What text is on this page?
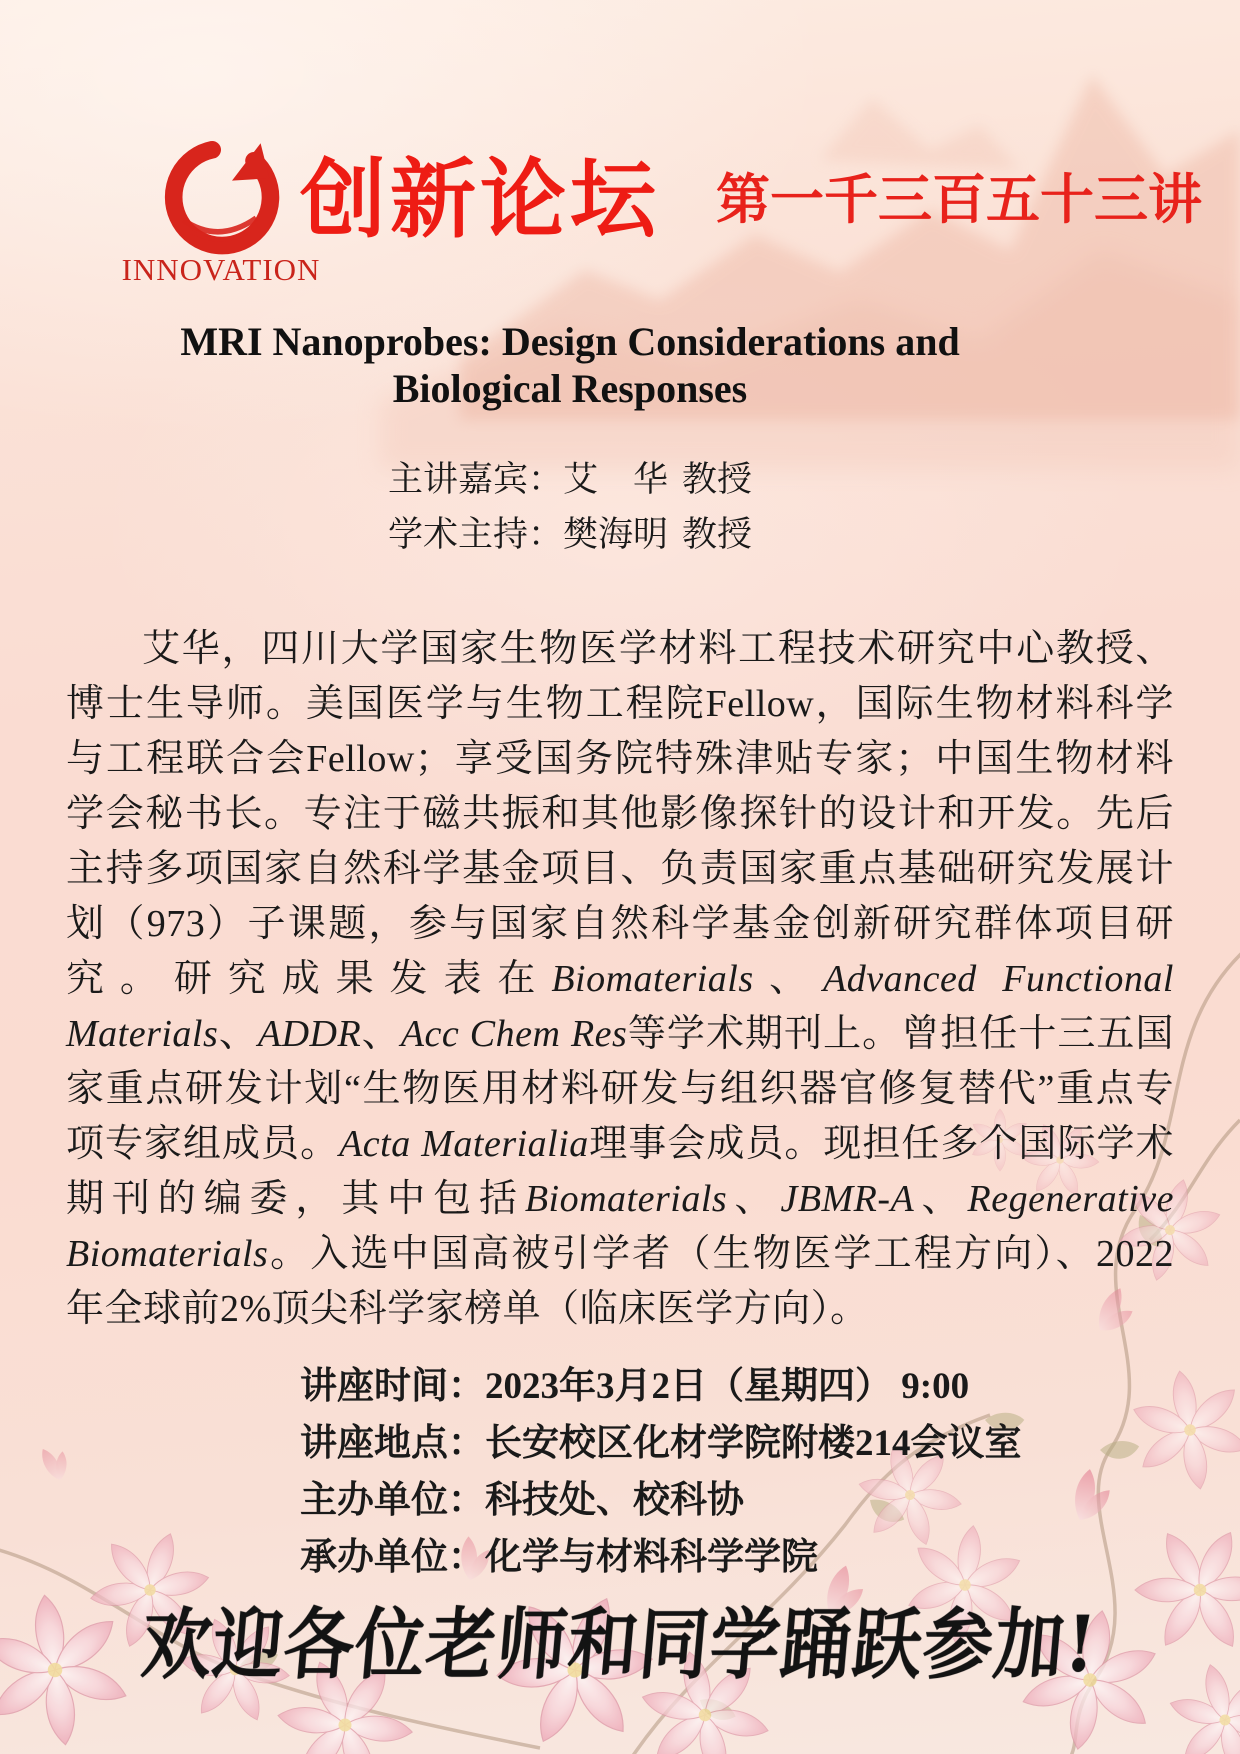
INNOVATION
创新论坛 第一千三百五十三讲
MRI Nanoprobes: Design Considerations and
Biological Responses
主讲嘉宾：艾　华 教授
学术主持：樊海明 教授

艾华，四川大学国家生物医学材料工程技术研究中心教授、博士生导师。美国医学与生物工程院Fellow，国际生物材料科学与工程联合会Fellow；享受国务院特殊津贴专家；中国生物材料学会秘书长。专注于磁共振和其他影像探针的设计和开发。先后主持多项国家自然科学基金项目、负责国家重点基础研究发展计划（973）子课题，参与国家自然科学基金创新研究群体项目研究。研究成果发表在Biomaterials、Advanced Functional Materials、ADDR、Acc Chem Res等学术期刊上。曾担任十三五国家重点研发计划“生物医用材料研发与组织器官修复替代”重点专项专家组成员。Acta Materialia理事会成员。现担任多个国际学术期刊的编委，其中包括Biomaterials、JBMR-A、Regenerative Biomaterials。入选中国高被引学者（生物医学工程方向）、2022年全球前2%顶尖科学家榜单（临床医学方向）。

讲座时间：2023年3月2日（星期四） 9:00
讲座地点：长安校区化材学院附楼214会议室
主办单位：科技处、校科协
承办单位：化学与材料科学学院
欢迎各位老师和同学踊跃参加!
